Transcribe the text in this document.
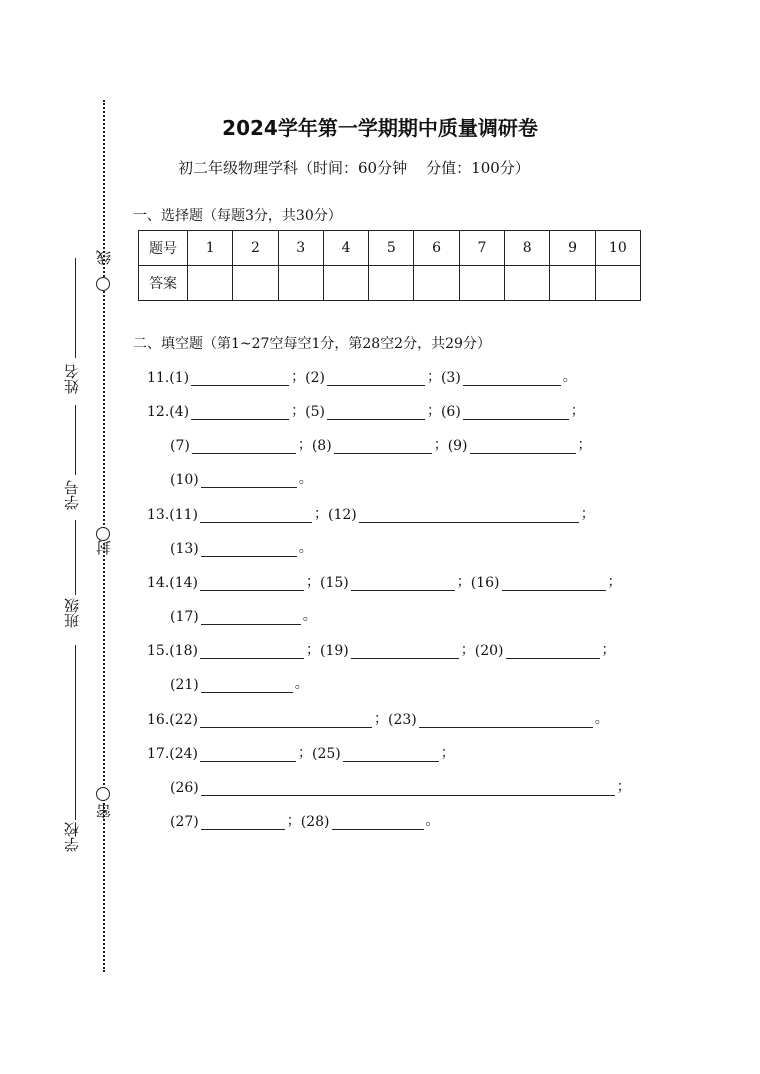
线
封
密
姓名
学号
班级
学校
2024学年第一学期期中质量调研卷
初二年级物理学科（时间：60分钟    分值：100分）
一、选择题（每题3分，共30分）
题号	1	2	3	4	5	6	7	8	9	10
答案										
二、填空题（第1~27空每空1分，第28空2分，共29分）
11. (1)	； (2)	； (3)	。
12. (4)	； (5)	； (6)	；
(7)	； (8)	； (9)	；
(10)	。
13. (11)	； (12)	；
(13)	。
14. (14)	； (15)	； (16)	；
(17)	。
15. (18)	； (19)	； (20)	；
(21)	。
16. (22)	； (23)	。
17. (24)	； (25)	；
(26)	；
(27)	； (28)	。
